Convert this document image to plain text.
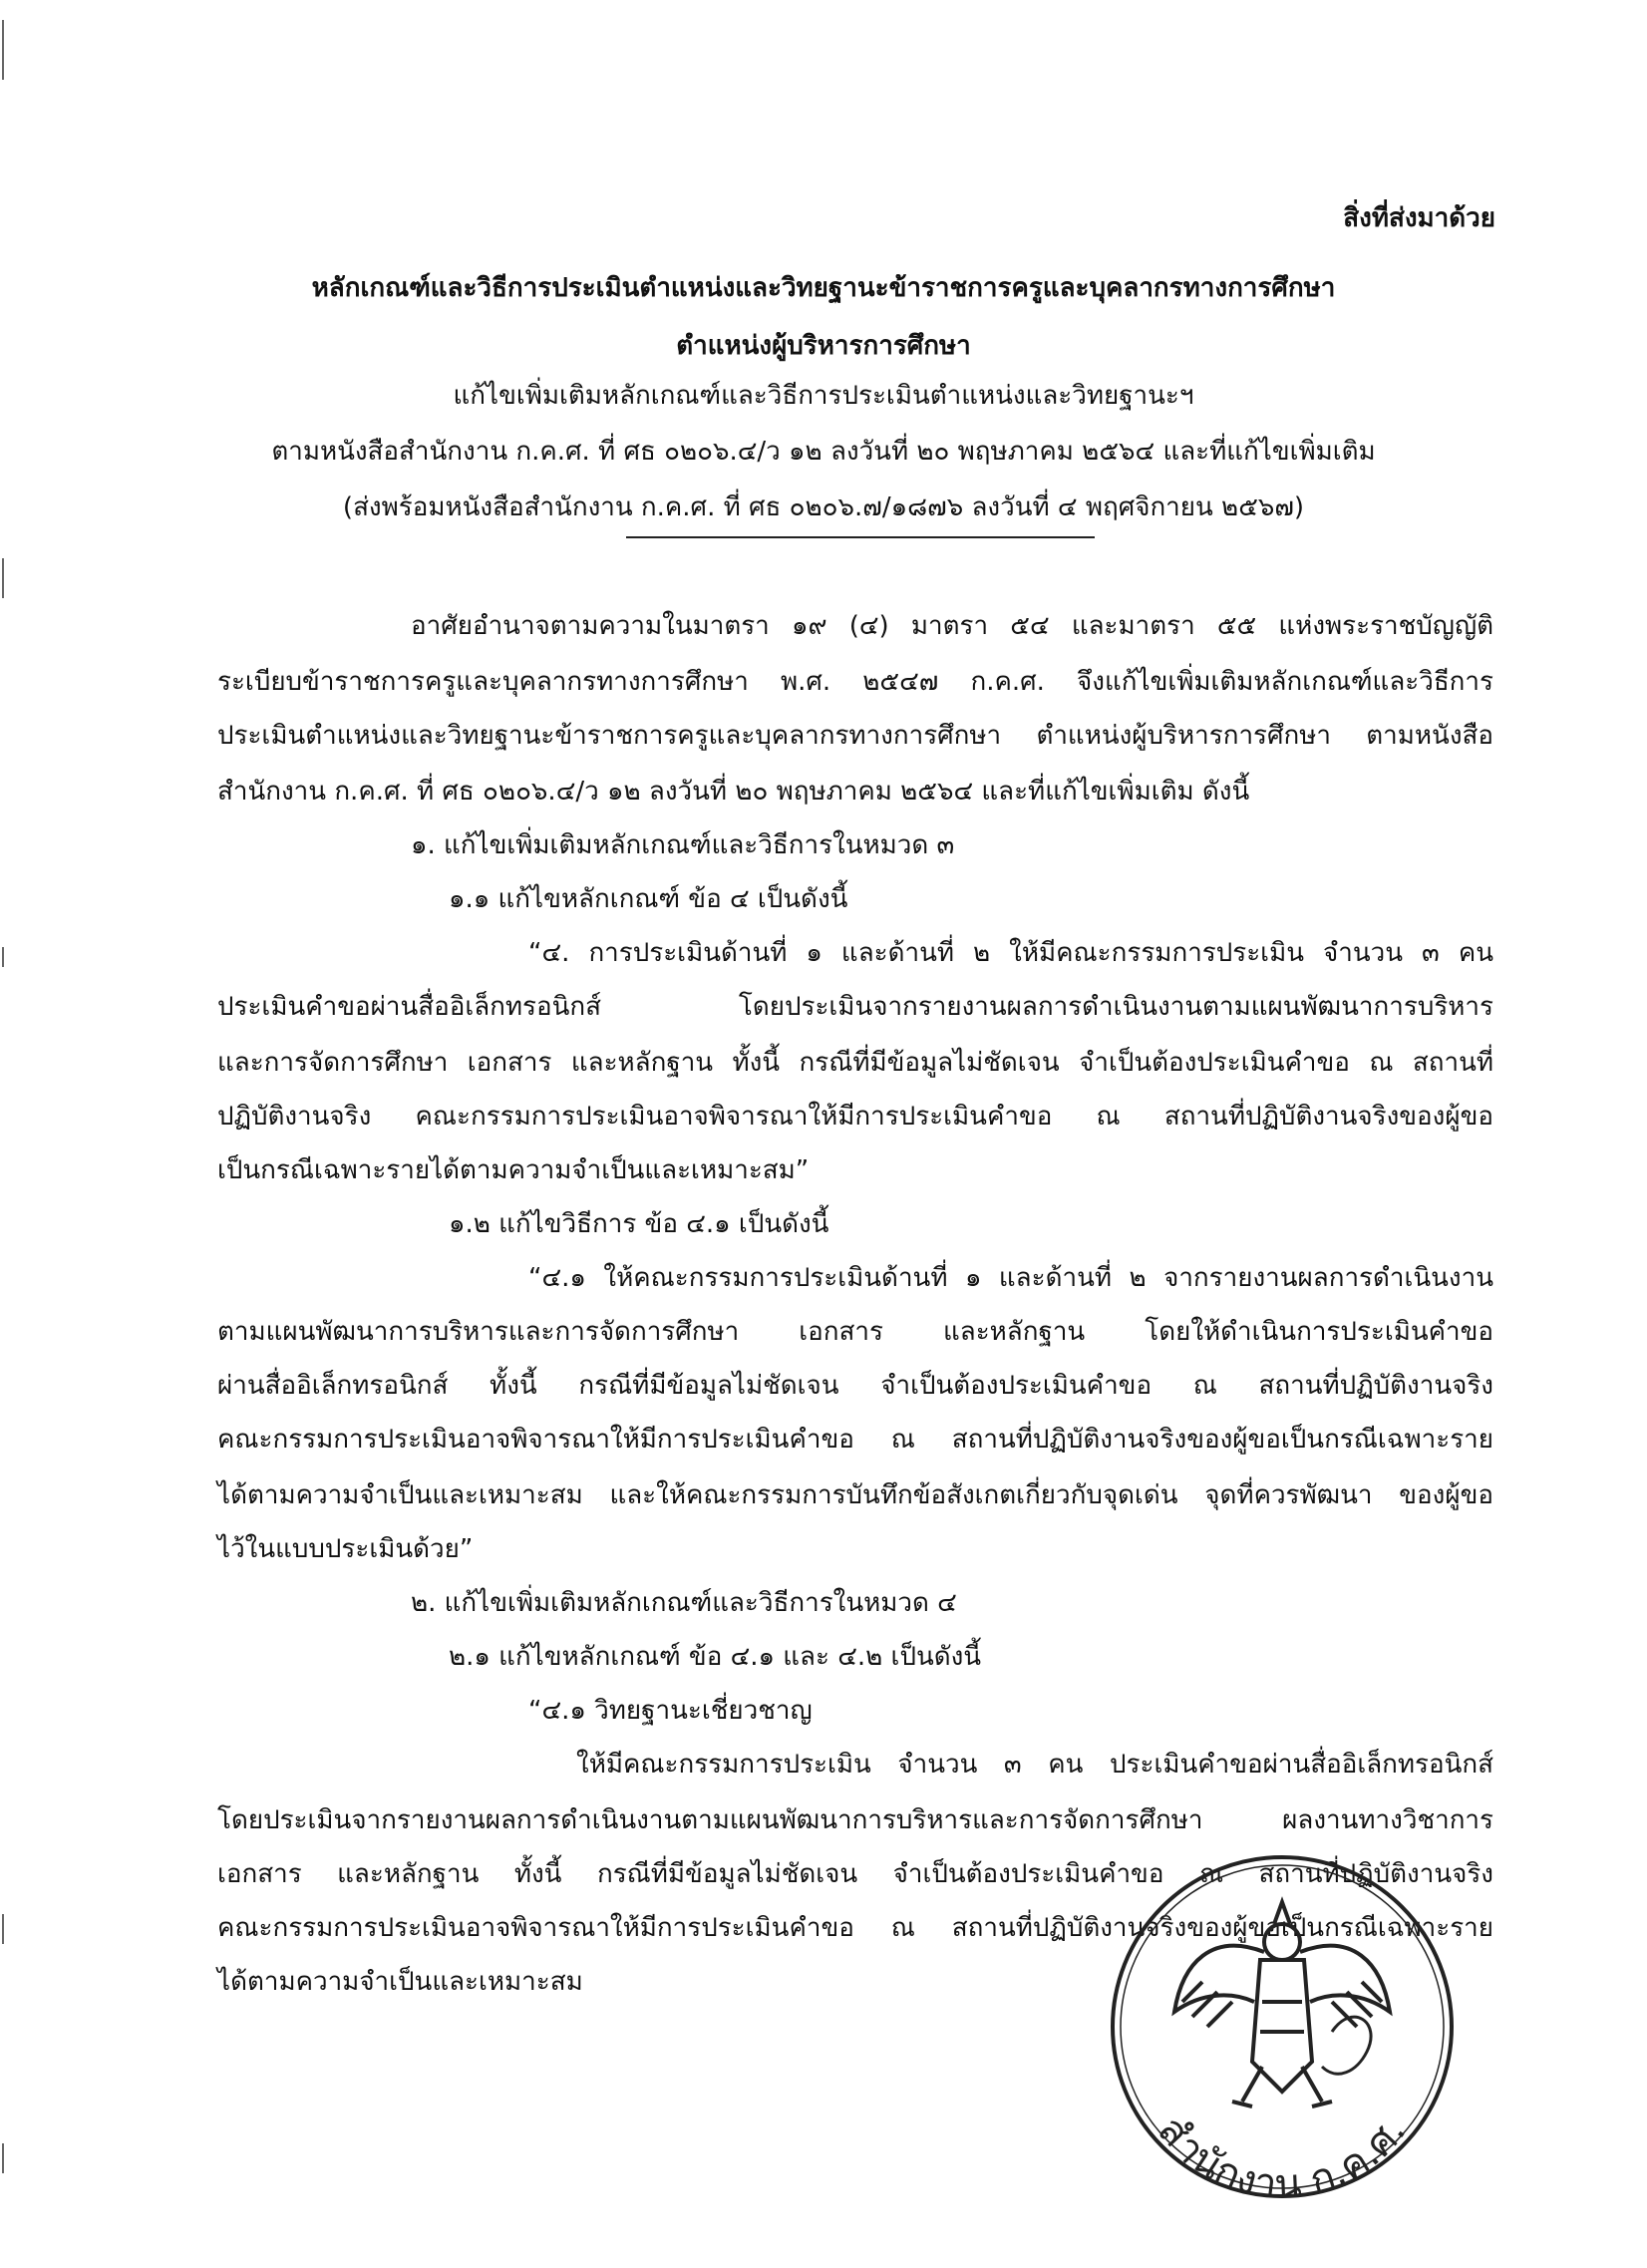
สิ่งที่ส่งมาด้วย
หลักเกณฑ์และวิธีการประเมินตำแหน่งและวิทยฐานะข้าราชการครูและบุคลากรทางการศึกษา
ตำแหน่งผู้บริหารการศึกษา
แก้ไขเพิ่มเติมหลักเกณฑ์และวิธีการประเมินตำแหน่งและวิทยฐานะฯ
ตามหนังสือสำนักงาน ก.ค.ศ. ที่ ศธ ๐๒๐๖.๔/ว ๑๒ ลงวันที่ ๒๐ พฤษภาคม ๒๕๖๔ และที่แก้ไขเพิ่มเติม
(ส่งพร้อมหนังสือสำนักงาน ก.ค.ศ. ที่ ศธ ๐๒๐๖.๗/๑๘๗๖ ลงวันที่ ๔ พฤศจิกายน ๒๕๖๗)
อาศัยอำนาจตามความในมาตรา ๑๙ (๔) มาตรา ๕๔ และมาตรา ๕๕ แห่งพระราชบัญญัติ
ระเบียบข้าราชการครูและบุคลากรทางการศึกษา พ.ศ. ๒๕๔๗ ก.ค.ศ. จึงแก้ไขเพิ่มเติมหลักเกณฑ์และวิธีการ
ประเมินตำแหน่งและวิทยฐานะข้าราชการครูและบุคลากรทางการศึกษา ตำแหน่งผู้บริหารการศึกษา ตามหนังสือ
สำนักงาน ก.ค.ศ. ที่ ศธ ๐๒๐๖.๔/ว ๑๒ ลงวันที่ ๒๐ พฤษภาคม ๒๕๖๔ และที่แก้ไขเพิ่มเติม ดังนี้
๑. แก้ไขเพิ่มเติมหลักเกณฑ์และวิธีการในหมวด ๓
๑.๑ แก้ไขหลักเกณฑ์ ข้อ ๔ เป็นดังนี้
“๔. การประเมินด้านที่ ๑ และด้านที่ ๒ ให้มีคณะกรรมการประเมิน จำนวน ๓ คน
ประเมินคำขอผ่านสื่ออิเล็กทรอนิกส์ โดยประเมินจากรายงานผลการดำเนินงานตามแผนพัฒนาการบริหาร
และการจัดการศึกษา เอกสาร และหลักฐาน ทั้งนี้ กรณีที่มีข้อมูลไม่ชัดเจน จำเป็นต้องประเมินคำขอ ณ สถานที่
ปฏิบัติงานจริง คณะกรรมการประเมินอาจพิจารณาให้มีการประเมินคำขอ ณ สถานที่ปฏิบัติงานจริงของผู้ขอ
เป็นกรณีเฉพาะรายได้ตามความจำเป็นและเหมาะสม”
๑.๒ แก้ไขวิธีการ ข้อ ๔.๑ เป็นดังนี้
“๔.๑ ให้คณะกรรมการประเมินด้านที่ ๑ และด้านที่ ๒ จากรายงานผลการดำเนินงาน
ตามแผนพัฒนาการบริหารและการจัดการศึกษา เอกสาร และหลักฐาน โดยให้ดำเนินการประเมินคำขอ
ผ่านสื่ออิเล็กทรอนิกส์ ทั้งนี้ กรณีที่มีข้อมูลไม่ชัดเจน จำเป็นต้องประเมินคำขอ ณ สถานที่ปฏิบัติงานจริง
คณะกรรมการประเมินอาจพิจารณาให้มีการประเมินคำขอ ณ สถานที่ปฏิบัติงานจริงของผู้ขอเป็นกรณีเฉพาะราย
ได้ตามความจำเป็นและเหมาะสม และให้คณะกรรมการบันทึกข้อสังเกตเกี่ยวกับจุดเด่น จุดที่ควรพัฒนา ของผู้ขอ
ไว้ในแบบประเมินด้วย”
๒. แก้ไขเพิ่มเติมหลักเกณฑ์และวิธีการในหมวด ๔
๒.๑ แก้ไขหลักเกณฑ์ ข้อ ๔.๑ และ ๔.๒ เป็นดังนี้
“๔.๑ วิทยฐานะเชี่ยวชาญ
ให้มีคณะกรรมการประเมิน จำนวน ๓ คน ประเมินคำขอผ่านสื่ออิเล็กทรอนิกส์
โดยประเมินจากรายงานผลการดำเนินงานตามแผนพัฒนาการบริหารและการจัดการศึกษา ผลงานทางวิชาการ
เอกสาร และหลักฐาน ทั้งนี้ กรณีที่มีข้อมูลไม่ชัดเจน จำเป็นต้องประเมินคำขอ ณ สถานที่ปฏิบัติงานจริง
คณะกรรมการประเมินอาจพิจารณาให้มีการประเมินคำขอ ณ สถานที่ปฏิบัติงานจริงของผู้ขอเป็นกรณีเฉพาะราย
ได้ตามความจำเป็นและเหมาะสม
สำนักงาน ก.ค.ศ.
